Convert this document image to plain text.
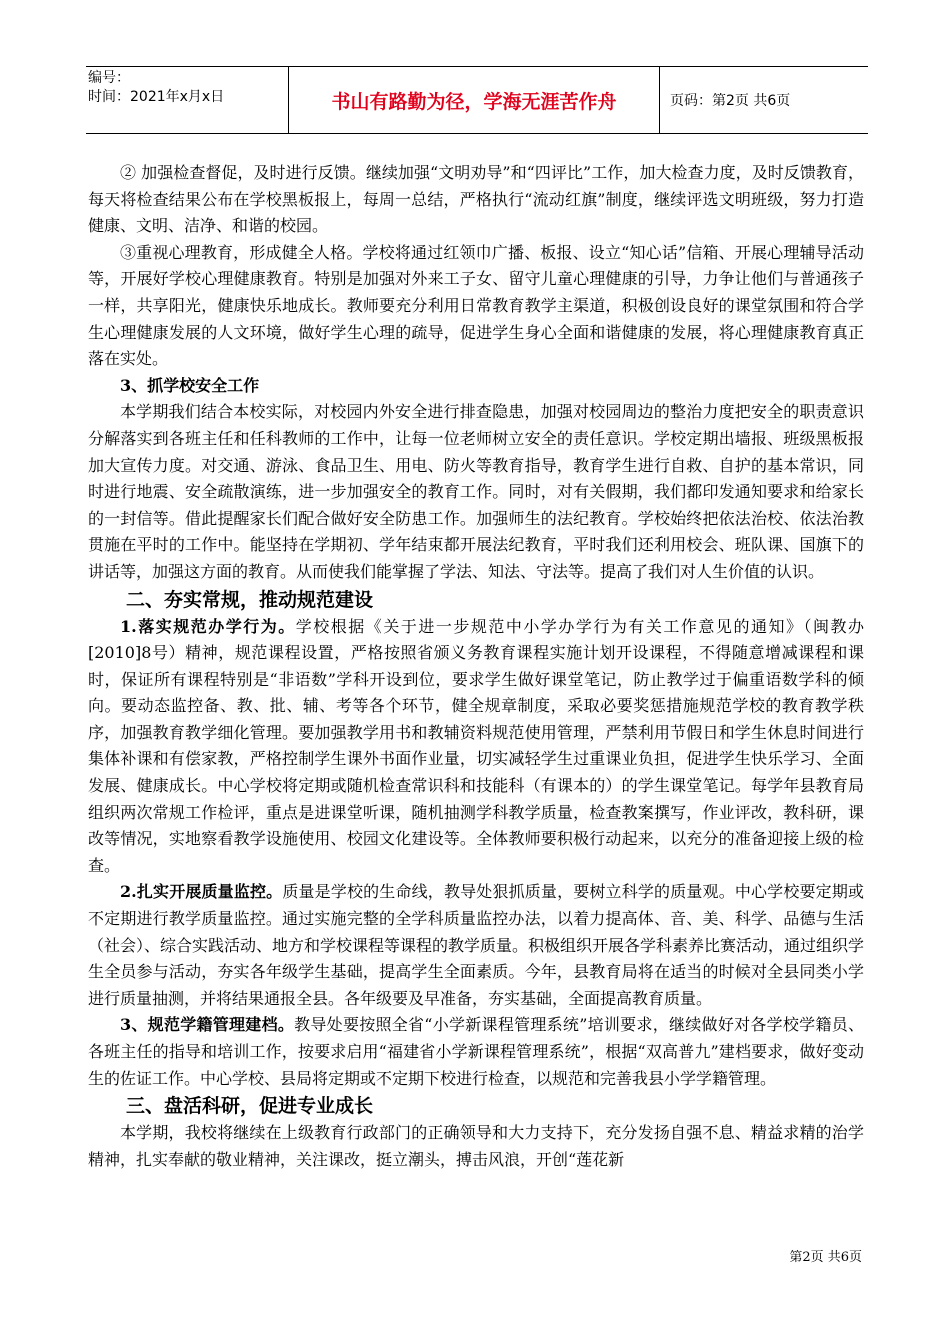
编号：
时间：2021年x月x日	书山有路勤为径，学海无涯苦作舟	页码：第2页 共6页

② 加强检查督促，及时进行反馈。继续加强“文明劝导”和“四评比”工作，加大检查力度，及时反馈教育，每天将检查结果公布在学校黑板报上，每周一总结，严格执行“流动红旗”制度，继续评选文明班级，努力打造健康、文明、洁净、和谐的校园。

③重视心理教育，形成健全人格。学校将通过红领巾广播、板报、设立“知心话”信箱、开展心理辅导活动等，开展好学校心理健康教育。特别是加强对外来工子女、留守儿童心理健康的引导，力争让他们与普通孩子一样，共享阳光，健康快乐地成长。教师要充分利用日常教育教学主渠道，积极创设良好的课堂氛围和符合学生心理健康发展的人文环境，做好学生心理的疏导，促进学生身心全面和谐健康的发展，将心理健康教育真正落在实处。

3、抓学校安全工作

本学期我们结合本校实际，对校园内外安全进行排查隐患，加强对校园周边的整治力度把安全的职责意识分解落实到各班主任和任科教师的工作中，让每一位老师树立安全的责任意识。学校定期出墙报、班级黑板报加大宣传力度。对交通、游泳、食品卫生、用电、防火等教育指导，教育学生进行自救、自护的基本常识，同时进行地震、安全疏散演练，进一步加强安全的教育工作。同时，对有关假期，我们都印发通知要求和给家长的一封信等。借此提醒家长们配合做好安全防患工作。加强师生的法纪教育。学校始终把依法治校、依法治教贯施在平时的工作中。能坚持在学期初、学年结束都开展法纪教育，平时我们还利用校会、班队课、国旗下的讲话等，加强这方面的教育。从而使我们能掌握了学法、知法、守法等。提高了我们对人生价值的认识。

二、夯实常规，推动规范建设

1.落实规范办学行为。学校根据《关于进一步规范中小学办学行为有关工作意见的通知》（闽教办[2010]8号）精神，规范课程设置，严格按照省颁义务教育课程实施计划开设课程，不得随意增减课程和课时，保证所有课程特别是“非语数”学科开设到位，要求学生做好课堂笔记，防止教学过于偏重语数学科的倾向。要动态监控备、教、批、辅、考等各个环节，健全规章制度，采取必要奖惩措施规范学校的教育教学秩序，加强教育教学细化管理。要加强教学用书和教辅资料规范使用管理，严禁利用节假日和学生休息时间进行集体补课和有偿家教，严格控制学生课外书面作业量，切实减轻学生过重课业负担，促进学生快乐学习、全面发展、健康成长。中心学校将定期或随机检查常识科和技能科（有课本的）的学生课堂笔记。每学年县教育局组织两次常规工作检评，重点是进课堂听课，随机抽测学科教学质量，检查教案撰写，作业评改，教科研，课改等情况，实地察看教学设施使用、校园文化建设等。全体教师要积极行动起来，以充分的准备迎接上级的检查。

2.扎实开展质量监控。质量是学校的生命线，教导处狠抓质量，要树立科学的质量观。中心学校要定期或不定期进行教学质量监控。通过实施完整的全学科质量监控办法，以着力提高体、音、美、科学、品德与生活（社会）、综合实践活动、地方和学校课程等课程的教学质量。积极组织开展各学科素养比赛活动，通过组织学生全员参与活动，夯实各年级学生基础，提高学生全面素质。今年，县教育局将在适当的时候对全县同类小学进行质量抽测，并将结果通报全县。各年级要及早准备，夯实基础，全面提高教育质量。

3、规范学籍管理建档。教导处要按照全省“小学新课程管理系统”培训要求，继续做好对各学校学籍员、各班主任的指导和培训工作，按要求启用“福建省小学新课程管理系统”，根据“双高普九”建档要求，做好变动生的佐证工作。中心学校、县局将定期或不定期下校进行检查，以规范和完善我县小学学籍管理。

三、盘活科研，促进专业成长

本学期，我校将继续在上级教育行政部门的正确领导和大力支持下，充分发扬自强不息、精益求精的治学精神，扎实奉献的敬业精神，关注课改，挺立潮头，搏击风浪，开创“莲花新

第2页 共6页
